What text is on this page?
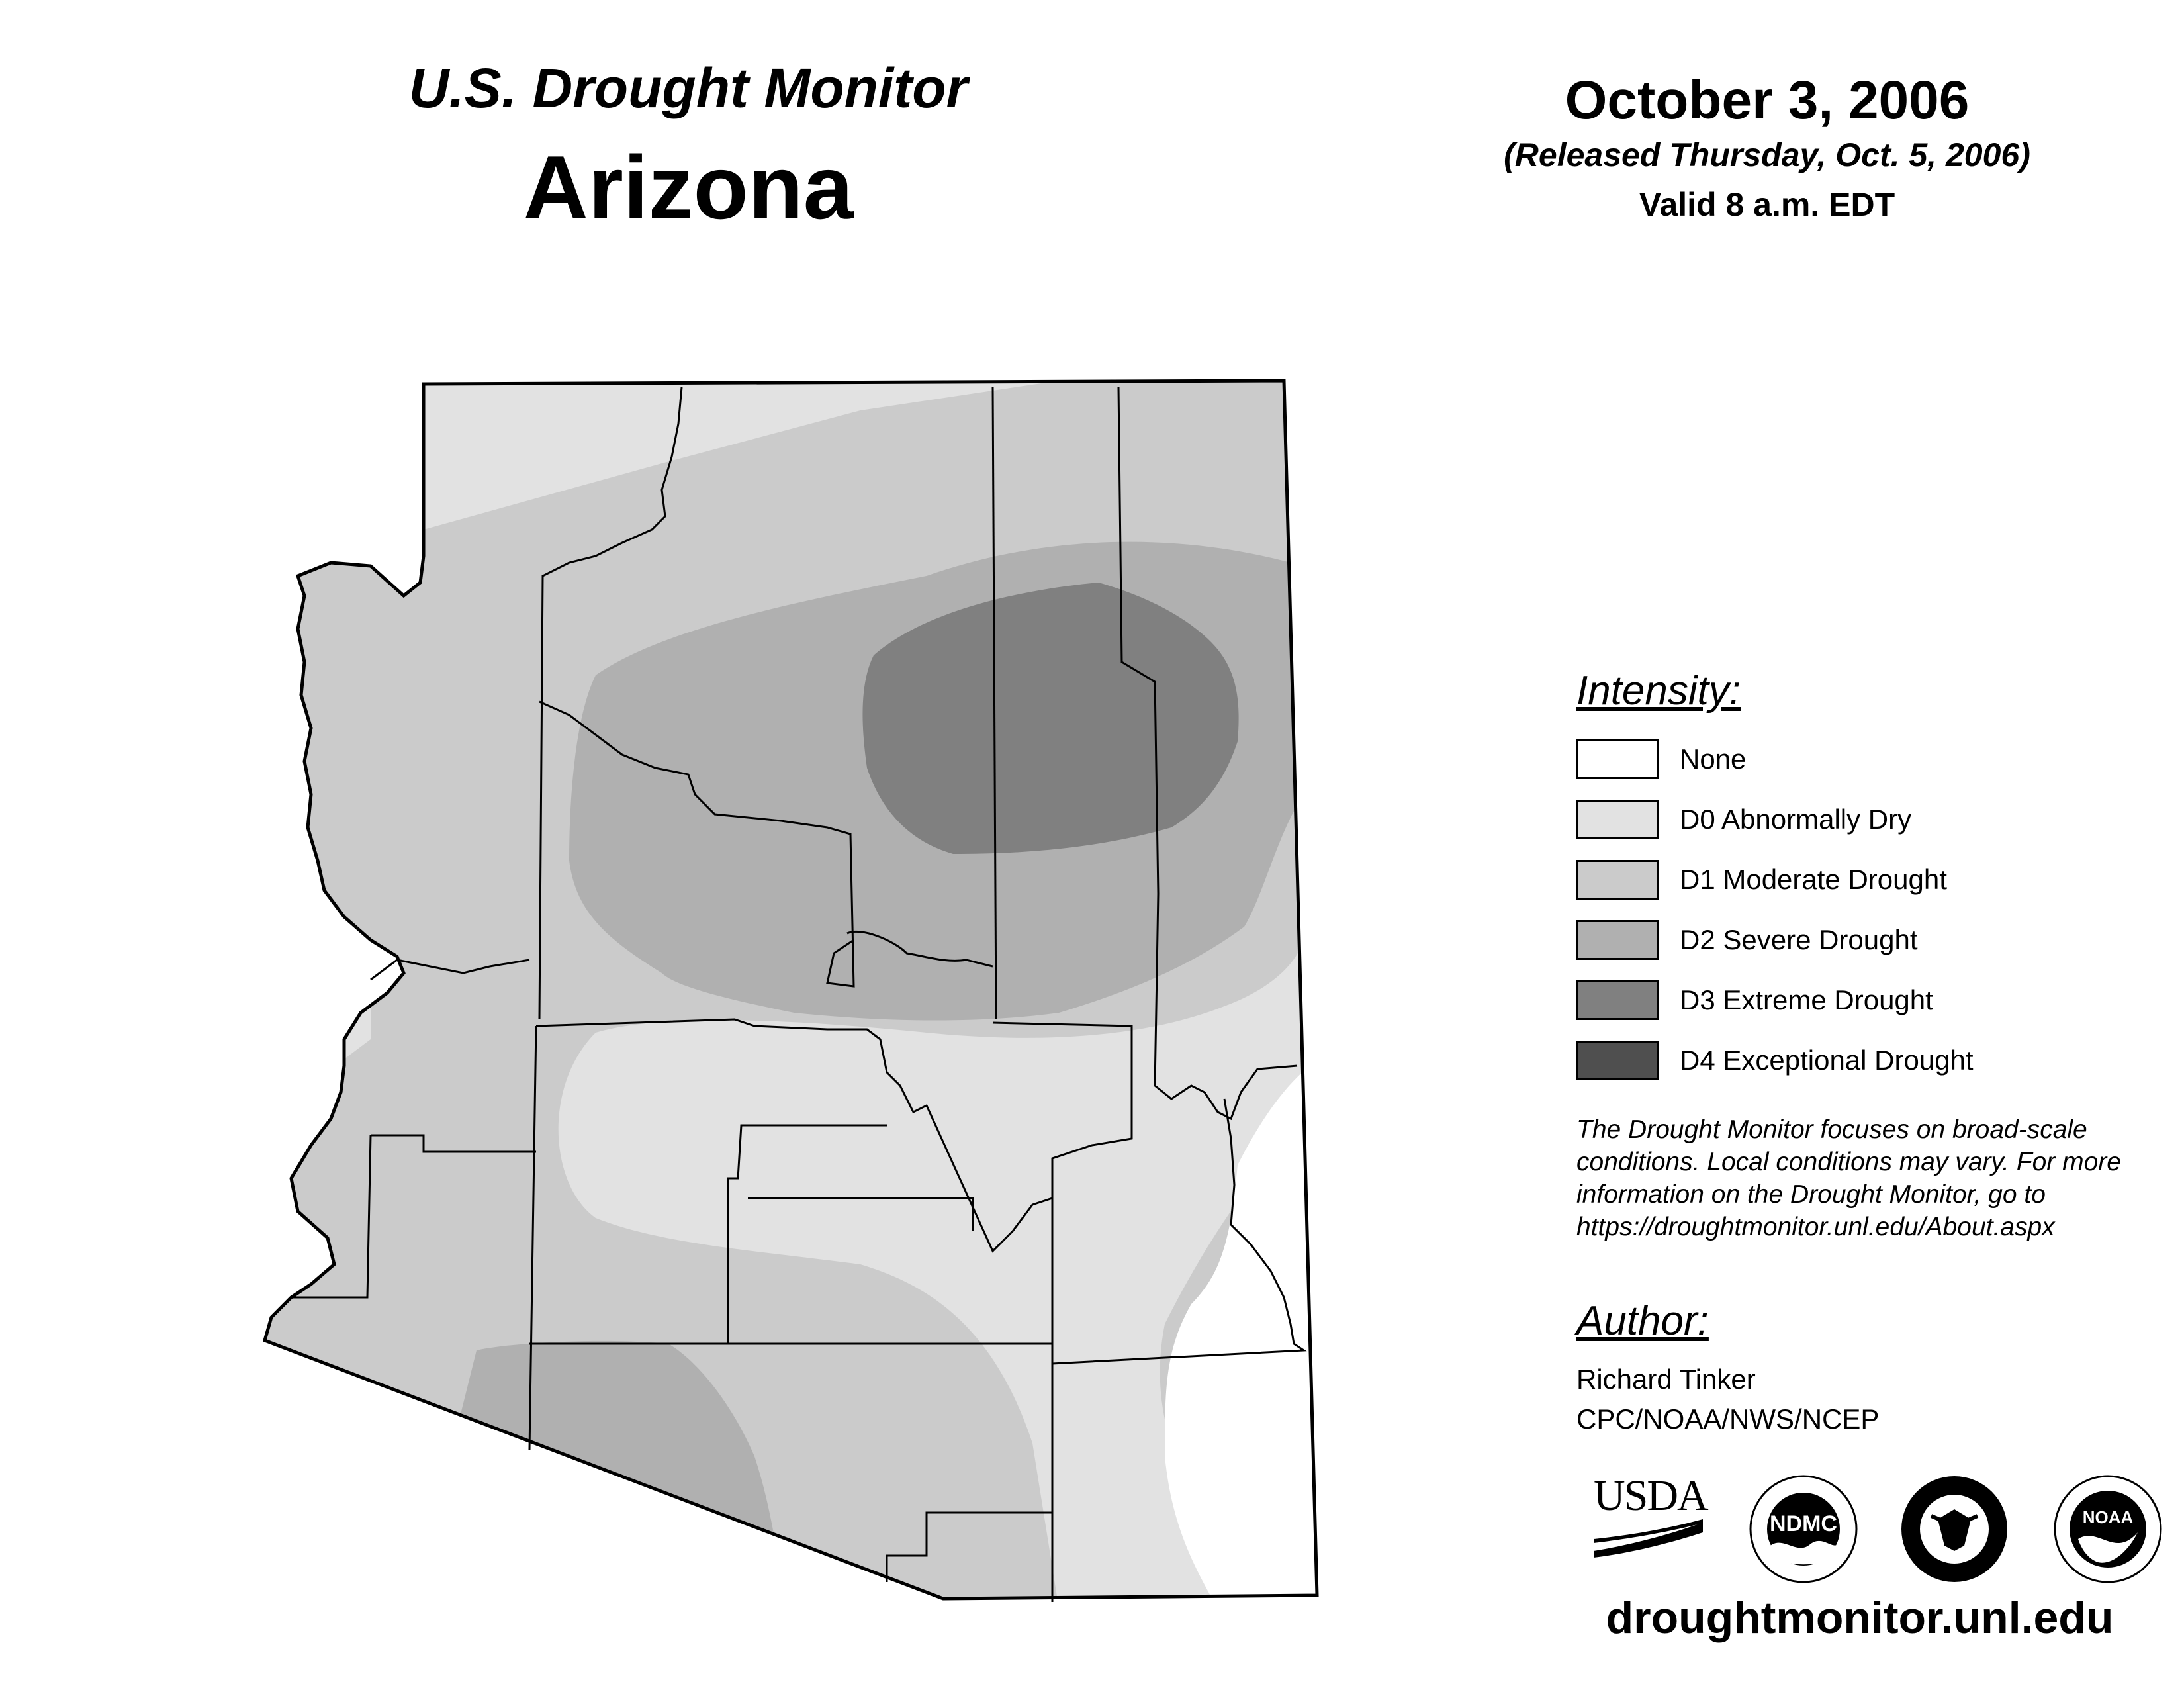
U.S. Drought Monitor
Arizona
October 3, 2006
(Released Thursday, Oct. 5, 2006)
Valid 8 a.m. EDT
Intensity:
None
D0 Abnormally Dry
D1 Moderate Drought
D2 Severe Drought
D3 Extreme Drought
D4 Exceptional Drought
The Drought Monitor focuses on broad-scale conditions. Local conditions may vary. For more information on the Drought Monitor, go to https://droughtmonitor.unl.edu/About.aspx
Author:
Richard Tinker
CPC/NOAA/NWS/NCEP
USDA
NDMC	NOAA
droughtmonitor.unl.edu
